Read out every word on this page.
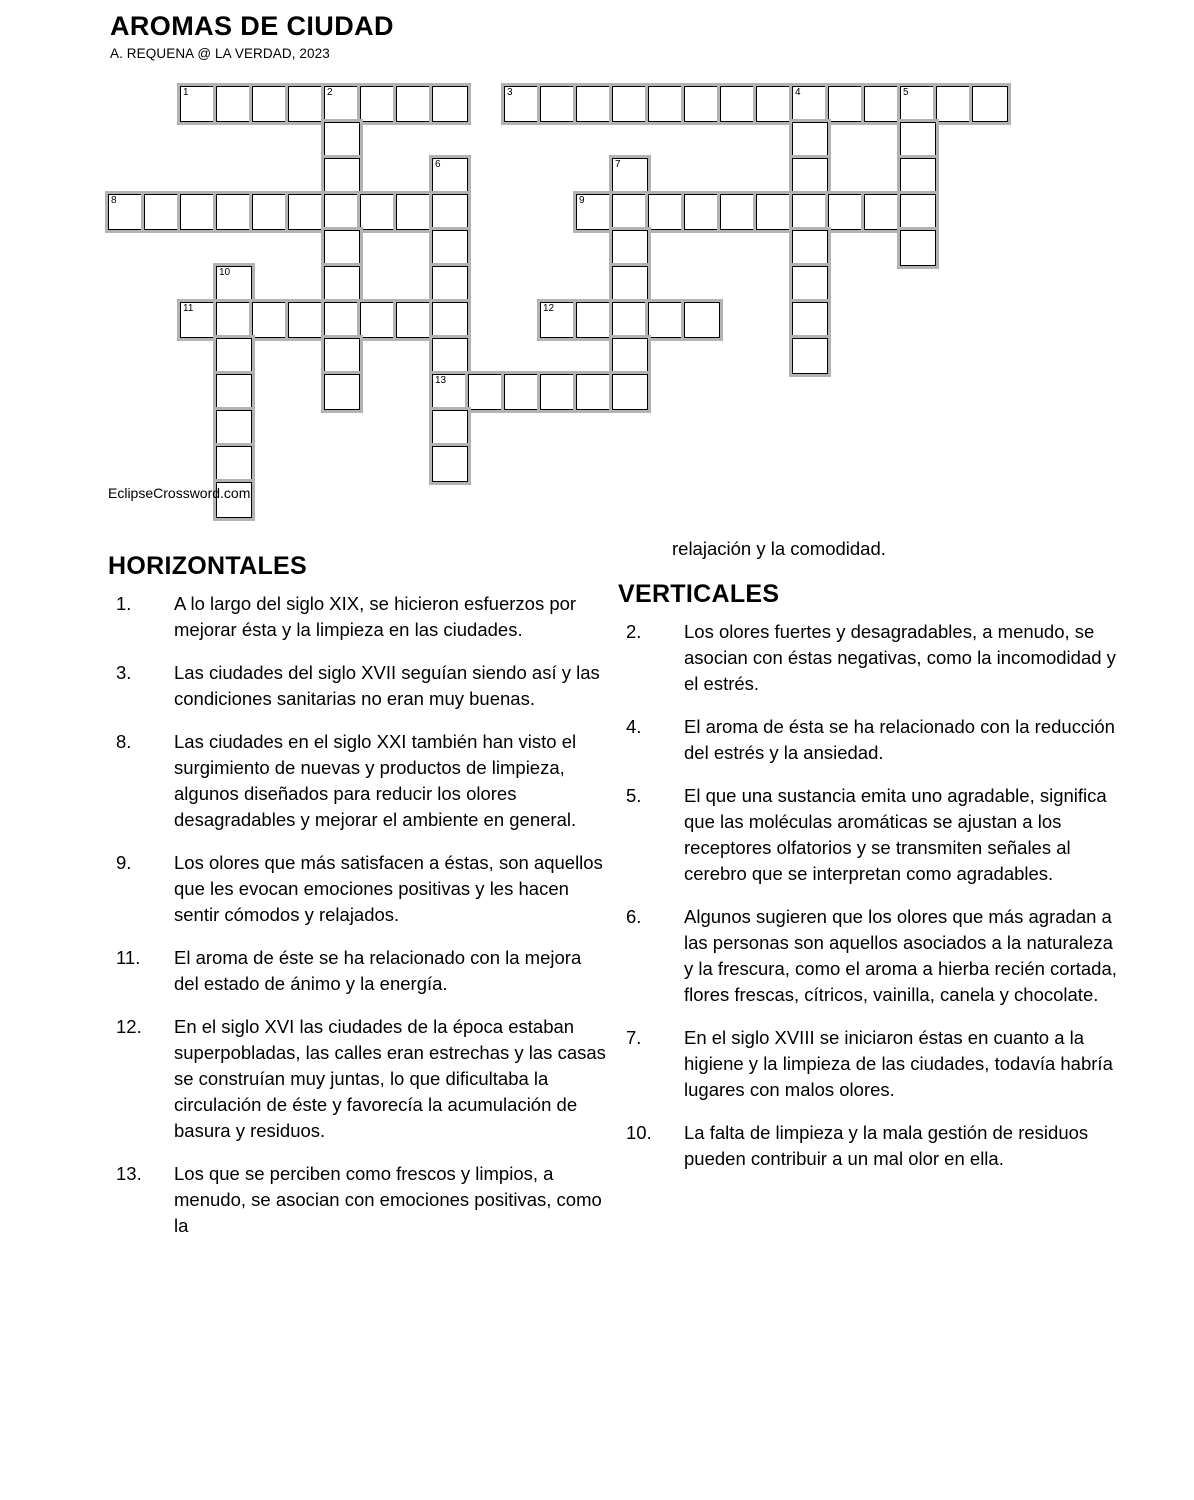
AROMAS DE CIUDAD

A. REQUENA @ LA VERDAD, 2023

1	2	3	4	5
6	7
8	9
10
11	12
13
EclipseCrossword.com
HORIZONTALES
1.	A lo largo del siglo XIX, se hicieron esfuerzos por mejorar ésta y la limpieza en las ciudades.
3.	Las ciudades del siglo XVII seguían siendo así y las condiciones sanitarias no eran muy buenas.
8.	Las ciudades en el siglo XXI también han visto el surgimiento de nuevas y productos de limpieza, algunos diseñados para reducir los olores desagradables y mejorar el ambiente en general.
9.	Los olores que más satisfacen a éstas, son aquellos que les evocan emociones positivas y les hacen sentir cómodos y relajados.
11.	El aroma de éste se ha relacionado con la mejora del estado de ánimo y la energía.
12.	En el siglo XVI las ciudades de la época estaban superpobladas, las calles eran estrechas y las casas se construían muy juntas, lo que dificultaba la circulación de éste y favorecía la acumulación de basura y residuos.
13.	Los que se perciben como frescos y limpios, a menudo, se asocian con emociones positivas, como la

relajación y la comodidad.

VERTICALES
2.	Los olores fuertes y desagradables, a menudo, se asocian con éstas negativas, como la incomodidad y el estrés.
4.	El aroma de ésta se ha relacionado con la reducción del estrés y la ansiedad.
5.	El que una sustancia emita uno agradable, significa que las moléculas aromáticas se ajustan a los receptores olfatorios y se transmiten señales al cerebro que se interpretan como agradables.
6.	Algunos sugieren que los olores que más agradan a las personas son aquellos asociados a la naturaleza y la frescura, como el aroma a hierba recién cortada, flores frescas, cítricos, vainilla, canela y chocolate.
7.	En el siglo XVIII se iniciaron éstas en cuanto a la higiene y la limpieza de las ciudades, todavía habría lugares con malos olores.
10.	La falta de limpieza y la mala gestión de residuos pueden contribuir a un mal olor en ella.
